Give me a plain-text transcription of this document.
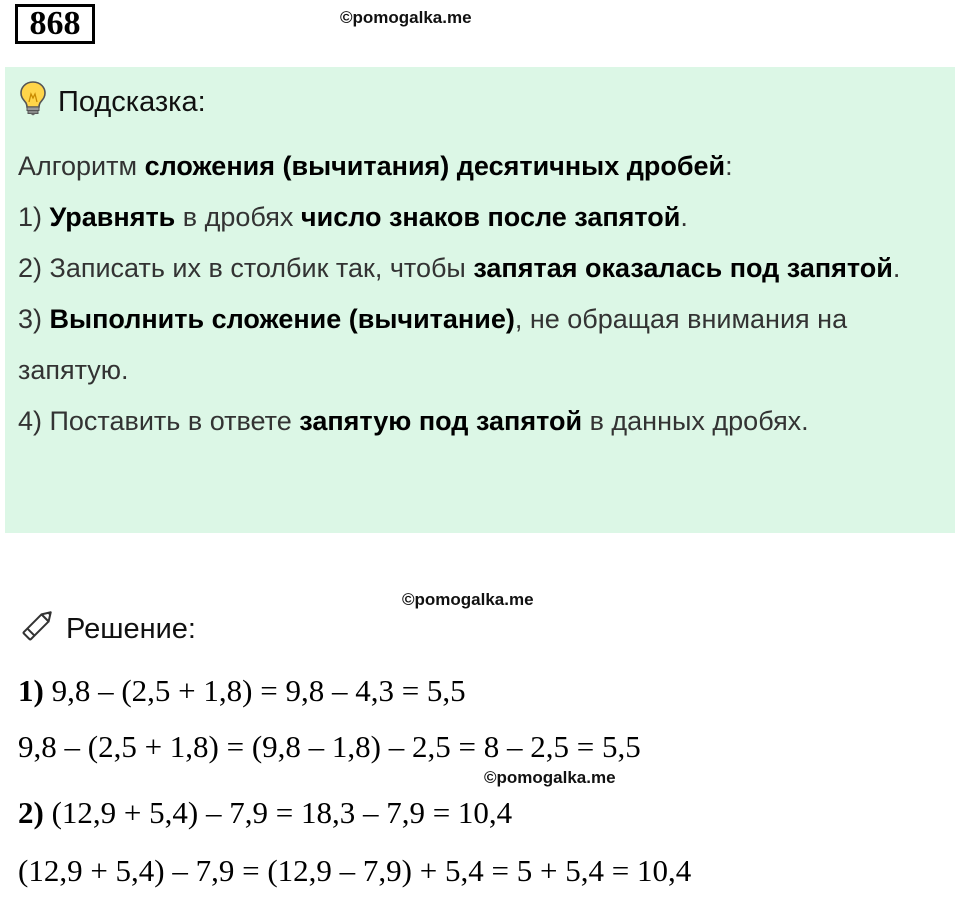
868	©pomogalka.me
Подсказка:
Алгоритм сложения (вычитания) десятичных дробей:
1) Уравнять в дробях число знаков после запятой.
2) Записать их в столбик так, чтобы запятая оказалась под запятой.
3) Выполнить сложение (вычитание), не обращая внимания на запятую.
4) Поставить в ответе запятую под запятой в данных дробях.
©pomogalka.me
Решение:
1) 9,8 – (2,5 + 1,8) = 9,8 – 4,3 = 5,5
9,8 – (2,5 + 1,8) = (9,8 – 1,8) – 2,5 = 8 – 2,5 = 5,5
2) (12,9 + 5,4) – 7,9 = 18,3 – 7,9 = 10,4
(12,9 + 5,4) – 7,9 = (12,9 – 7,9) + 5,4 = 5 + 5,4 = 10,4
©pomogalka.me
